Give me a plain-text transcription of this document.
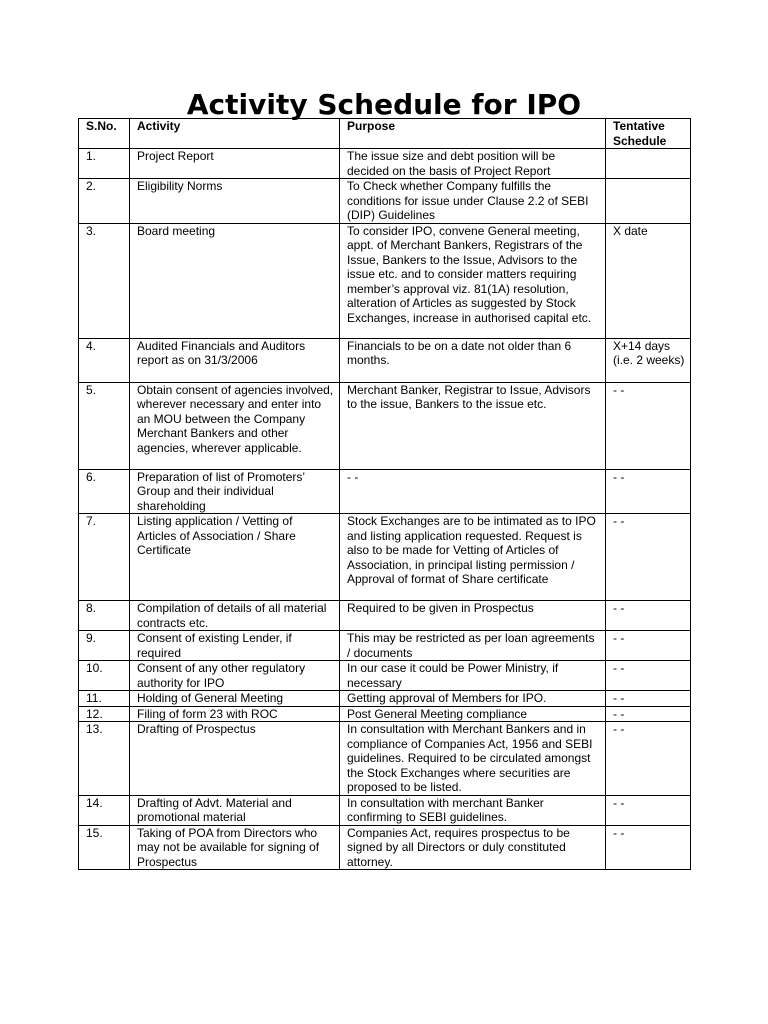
Activity Schedule for IPO
S.No.	Activity	Purpose	Tentative Schedule
1.	Project Report	The issue size and debt position will be decided on the basis of Project Report	
2.	Eligibility Norms	To Check whether Company fulfills the conditions for issue under Clause 2.2 of SEBI (DIP) Guidelines	
3.	Board meeting	To consider IPO, convene General meeting, appt. of Merchant Bankers, Registrars of the Issue, Bankers to the Issue, Advisors to the issue etc. and to consider matters requiring member’s approval viz. 81(1A) resolution, alteration of Articles as suggested by Stock Exchanges, increase in authorised capital etc.	X date
4.	Audited Financials and Auditors report as on 31/3/2006	Financials to be on a date not older than 6 months.	X+14 days (i.e. 2 weeks)
5.	Obtain consent of agencies involved, wherever necessary and enter into an MOU between the Company Merchant Bankers and other agencies, wherever applicable.	Merchant Banker, Registrar to Issue, Advisors to the issue, Bankers to the issue etc.	- -
6.	Preparation of list of Promoters’ Group and their individual shareholding	- -	- -
7.	Listing application / Vetting of Articles of Association / Share Certificate	Stock Exchanges are to be intimated as to IPO and listing application requested. Request is also to be made for Vetting of Articles of Association, in principal listing permission / Approval of format of Share certificate	- -
8.	Compilation of details of all material contracts etc.	Required to be given in Prospectus	- -
9.	Consent of existing Lender, if required	This may be restricted as per loan agreements / documents	- -
10.	Consent of any other regulatory authority for IPO	In our case it could be Power Ministry, if necessary	- -
11.	Holding of General Meeting	Getting approval of Members for IPO.	- -
12.	Filing of form 23 with ROC	Post General Meeting compliance	- -
13.	Drafting of Prospectus	In consultation with Merchant Bankers and in compliance of Companies Act, 1956 and SEBI guidelines. Required to be circulated amongst the Stock Exchanges where securities are proposed to be listed.	- -
14.	Drafting of Advt. Material and promotional material	In consultation with merchant Banker confirming to SEBI guidelines.	- -
15.	Taking of POA from Directors who may not be available for signing of Prospectus	Companies Act, requires prospectus to be signed by all Directors or duly constituted attorney.	- -
